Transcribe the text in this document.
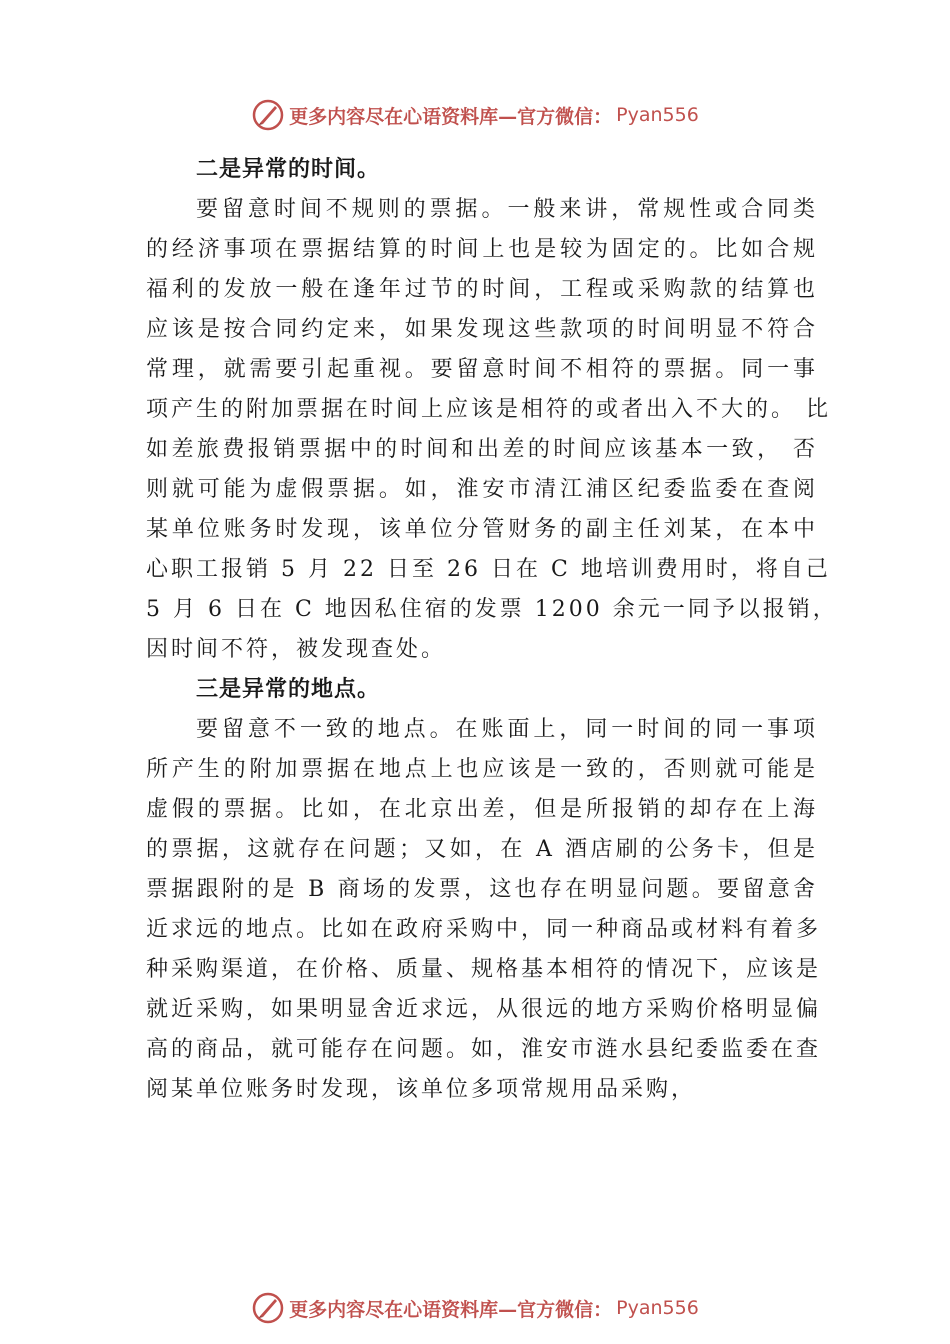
更多内容尽在心语资料库—官方微信： Pyan556

二是异常的时间。

要留意时间不规则的票据。一般来讲，常规性或合同类
的经济事项在票据结算的时间上也是较为固定的。比如合规
福利的发放一般在逢年过节的时间，工程或采购款的结算也
应该是按合同约定来，如果发现这些款项的时间明显不符合
常理，就需要引起重视。要留意时间不相符的票据。同一事
项产生的附加票据在时间上应该是相符的或者出入不大的。 比
如差旅费报销票据中的时间和出差的时间应该基本一致， 否
则就可能为虚假票据。如，淮安市清江浦区纪委监委在查阅
某单位账务时发现，该单位分管财务的副主任刘某，在本中
心职工报销 5 月 22 日至 26 日在 C 地培训费用时，将自己
5 月 6 日在 C 地因私住宿的发票 1200 余元一同予以报销，
因时间不符，被发现查处。

三是异常的地点。

要留意不一致的地点。在账面上，同一时间的同一事项
所产生的附加票据在地点上也应该是一致的，否则就可能是
虚假的票据。比如，在北京出差，但是所报销的却存在上海
的票据，这就存在问题；又如，在 A 酒店刷的公务卡，但是
票据跟附的是 B 商场的发票，这也存在明显问题。要留意舍
近求远的地点。比如在政府采购中，同一种商品或材料有着多
种采购渠道，在价格、质量、规格基本相符的情况下，应该是
就近采购，如果明显舍近求远，从很远的地方采购价格明显偏
高的商品，就可能存在问题。如，淮安市涟水县纪委监委在查
阅某单位账务时发现，该单位多项常规用品采购，
更多内容尽在心语资料库—官方微信： Pyan556
